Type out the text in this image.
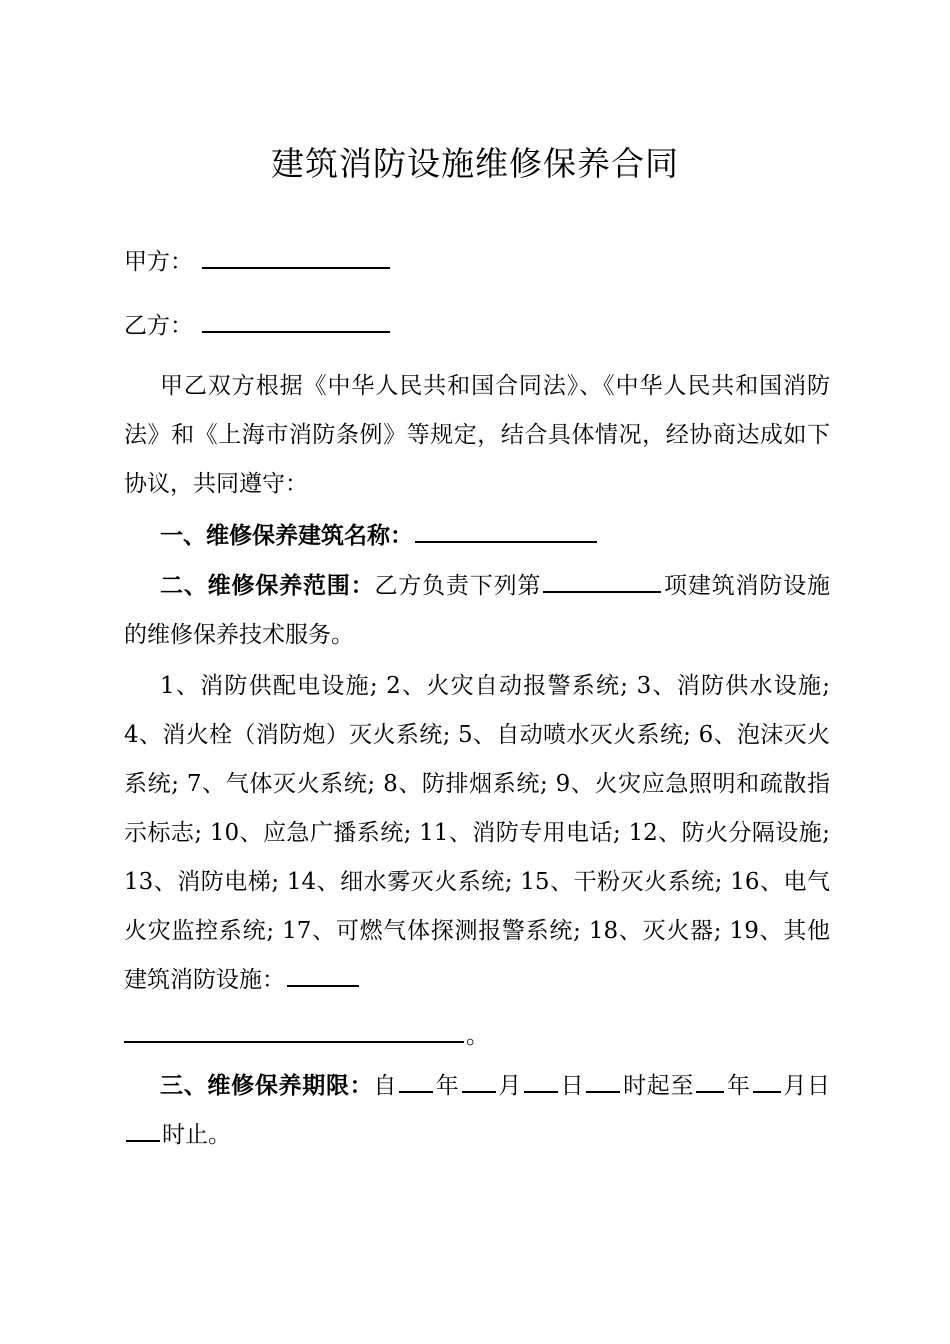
建筑消防设施维修保养合同
甲方：
乙方：
甲乙双方根据《中华人民共和国合同法》、《中华人民共和国消防法》和《上海市消防条例》等规定，结合具体情况，经协商达成如下协议，共同遵守：
一、维修保养建筑名称：
二、维修保养范围：乙方负责下列第	项建筑消防设施的维修保养技术服务。
1、消防供配电设施; 2、火灾自动报警系统; 3、消防供水设施; 4、消火栓（消防炮）灭火系统; 5、自动喷水灭火系统; 6、泡沫灭火系统; 7、气体灭火系统; 8、防排烟系统; 9、火灾应急照明和疏散指示标志; 10、应急广播系统; 11、消防专用电话; 12、防火分隔设施; 13、消防电梯; 14、细水雾灭火系统; 15、干粉灭火系统; 16、电气火灾监控系统; 17、可燃气体探测报警系统; 18、灭火器; 19、其他建筑消防设施：
。
三、维修保养期限：自 年 月 日 时起至 年 月日时止。
